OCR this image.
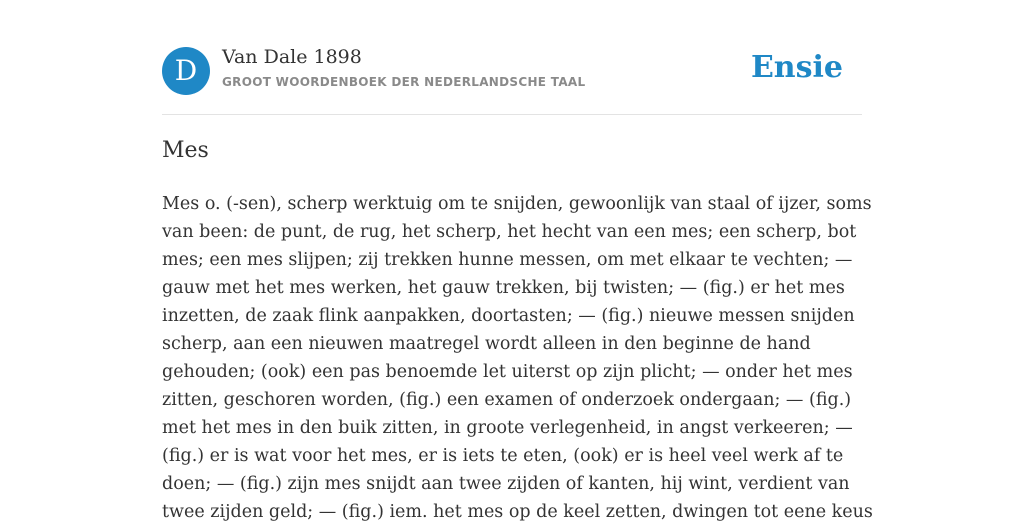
D	Van Dale 1898
GROOT WOORDENBOEK DER NEDERLANDSCHE TAAL	Ensie
Mes

Mes o. (-sen), scherp werktuig om te snijden, gewoonlijk van staal of ijzer, soms
van been: de punt, de rug, het scherp, het hecht van een mes; een scherp, bot
mes; een mes slijpen; zij trekken hunne messen, om met elkaar te vechten; —
gauw met het mes werken, het gauw trekken, bij twisten; — (fig.) er het mes
inzetten, de zaak flink aanpakken, doortasten; — (fig.) nieuwe messen snijden
scherp, aan een nieuwen maatregel wordt alleen in den beginne de hand
gehouden; (ook) een pas benoemde let uiterst op zijn plicht; — onder het mes
zitten, geschoren worden, (fig.) een examen of onderzoek ondergaan; — (fig.)
met het mes in den buik zitten, in groote verlegenheid, in angst verkeeren; —
(fig.) er is wat voor het mes, er is iets te eten, (ook) er is heel veel werk af te
doen; — (fig.) zijn mes snijdt aan twee zijden of kanten, hij wint, verdient van
twee zijden geld; — (fig.) iem. het mes op de keel zetten, dwingen tot eene keus
